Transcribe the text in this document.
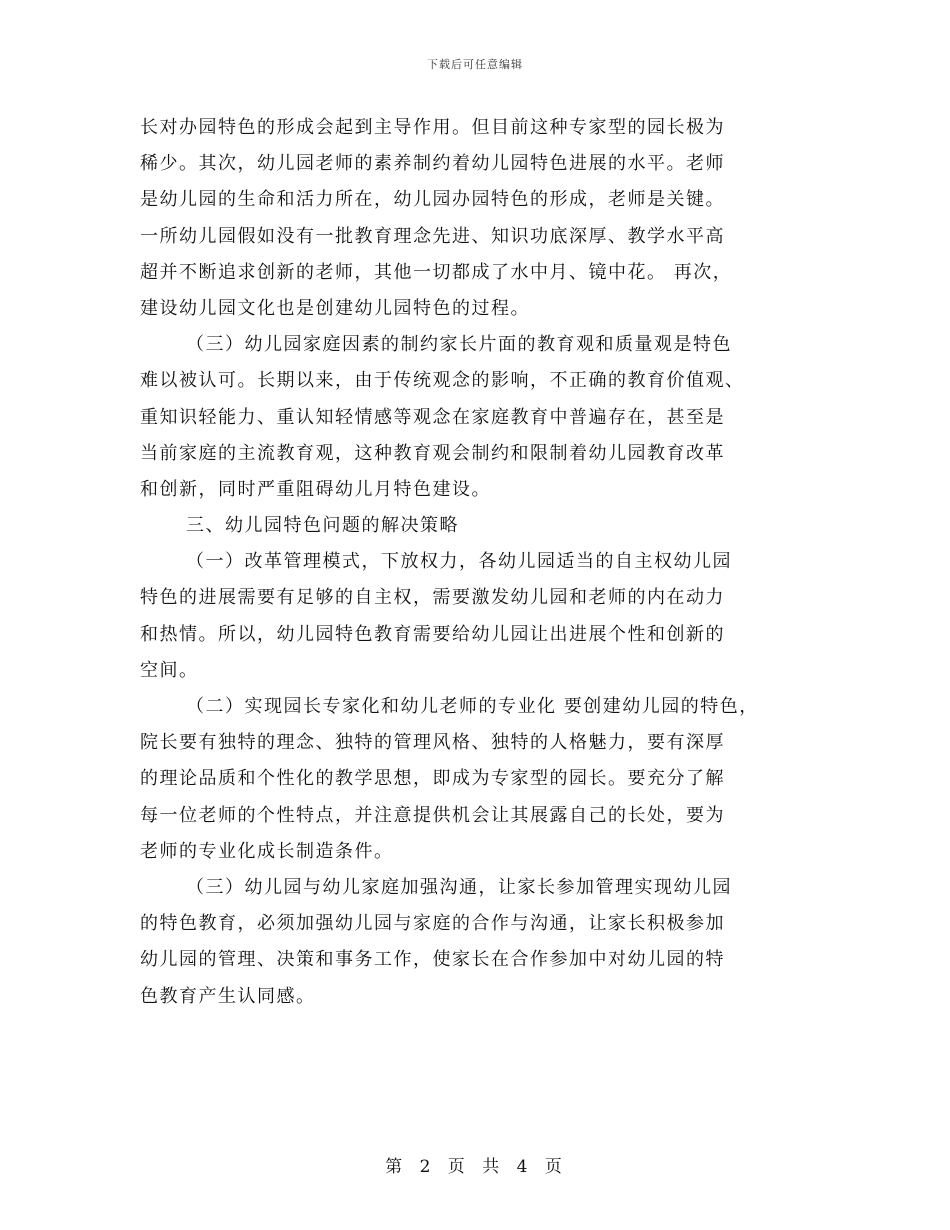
下载后可任意编辑
长对办园特色的形成会起到主导作用。但目前这种专家型的园长极为
稀少。其次，幼儿园老师的素养制约着幼儿园特色进展的水平。老师
是幼儿园的生命和活力所在，幼儿园办园特色的形成，老师是关键。
一所幼儿园假如没有一批教育理念先进、知识功底深厚、教学水平高
超并不断追求创新的老师，其他一切都成了水中月、镜中花。 再次，
建设幼儿园文化也是创建幼儿园特色的过程。
（三）幼儿园家庭因素的制约家长片面的教育观和质量观是特色
难以被认可。长期以来，由于传统观念的影响，不正确的教育价值观、
重知识轻能力、重认知轻情感等观念在家庭教育中普遍存在，甚至是
当前家庭的主流教育观，这种教育观会制约和限制着幼儿园教育改革
和创新，同时严重阻碍幼儿月特色建设。
三、幼儿园特色问题的解决策略
（一）改革管理模式，下放权力，各幼儿园适当的自主权幼儿园
特色的进展需要有足够的自主权，需要激发幼儿园和老师的内在动力
和热情。所以，幼儿园特色教育需要给幼儿园让出进展个性和创新的
空间。
（二）实现园长专家化和幼儿老师的专业化 要创建幼儿园的特色，
院长要有独特的理念、独特的管理风格、独特的人格魅力，要有深厚
的理论品质和个性化的教学思想，即成为专家型的园长。要充分了解
每一位老师的个性特点，并注意提供机会让其展露自己的长处，要为
老师的专业化成长制造条件。
（三）幼儿园与幼儿家庭加强沟通，让家长参加管理实现幼儿园
的特色教育，必须加强幼儿园与家庭的合作与沟通，让家长积极参加
幼儿园的管理、决策和事务工作，使家长在合作参加中对幼儿园的特
色教育产生认同感。
第 2 页 共 4 页
